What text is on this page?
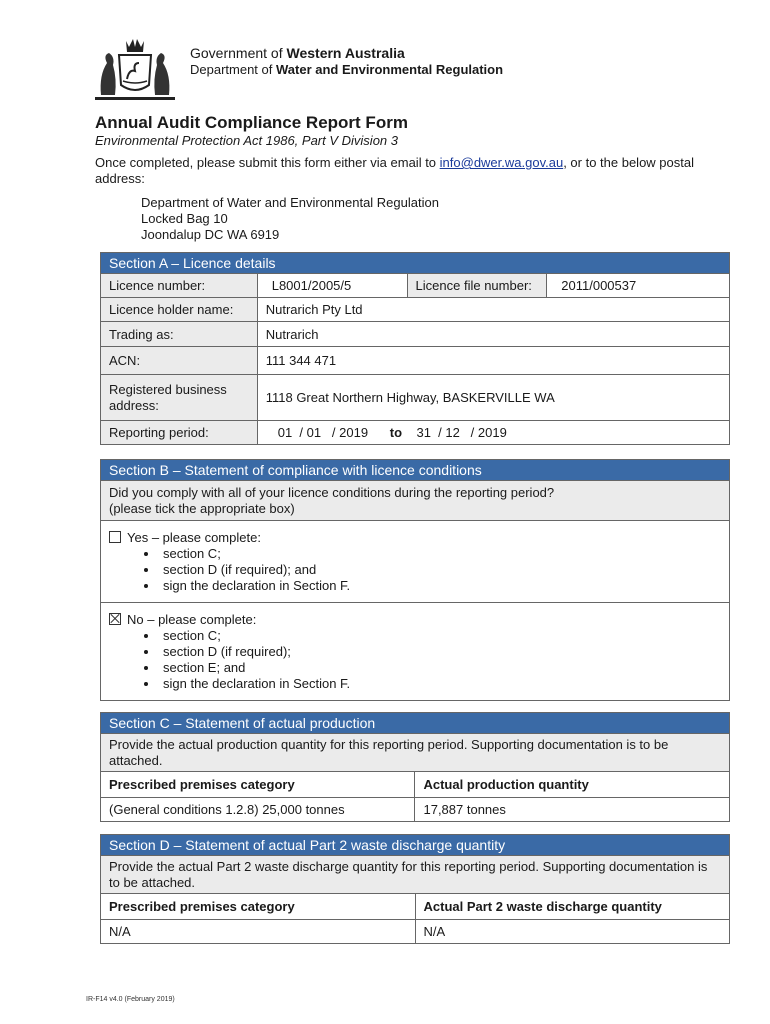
Government of Western Australia
Department of Water and Environmental Regulation
Annual Audit Compliance Report Form
Environmental Protection Act 1986, Part V Division 3
Once completed, please submit this form either via email to info@dwer.wa.gov.au, or to the below postal address:
Department of Water and Environmental Regulation
Locked Bag 10
Joondalup DC WA 6919
Section A – Licence details			
Licence number:	L8001/2005/5	Licence file number:	2011/000537
Licence holder name:	Nutrarich Pty Ltd		
Trading as:	Nutrarich		
ACN:	111 344 471		
Registered business address:	1118 Great Northern Highway, BASKERVILLE WA		
Reporting period:	01  / 01   / 2019 to 31  / 12   / 2019		
Section B – Statement of compliance with licence conditions

Did you comply with all of your licence conditions during the reporting period?
(please tick the appropriate box)

Yes – please complete:
• section C;
• section D (if required); and
• sign the declaration in Section F.

No – please complete:
• section C;
• section D (if required);
• section E; and
• sign the declaration in Section F.
Section C – Statement of actual production	
Provide the actual production quantity for this reporting period. Supporting documentation is to be attached.	
Prescribed premises category	Actual production quantity
(General conditions 1.2.8) 25,000 tonnes	17,887 tonnes
Section D – Statement of actual Part 2 waste discharge quantity	
Provide the actual Part 2 waste discharge quantity for this reporting period. Supporting documentation is to be attached.	
Prescribed premises category	Actual Part 2 waste discharge quantity
N/A	N/A
IR-F14 v4.0 (February 2019)
